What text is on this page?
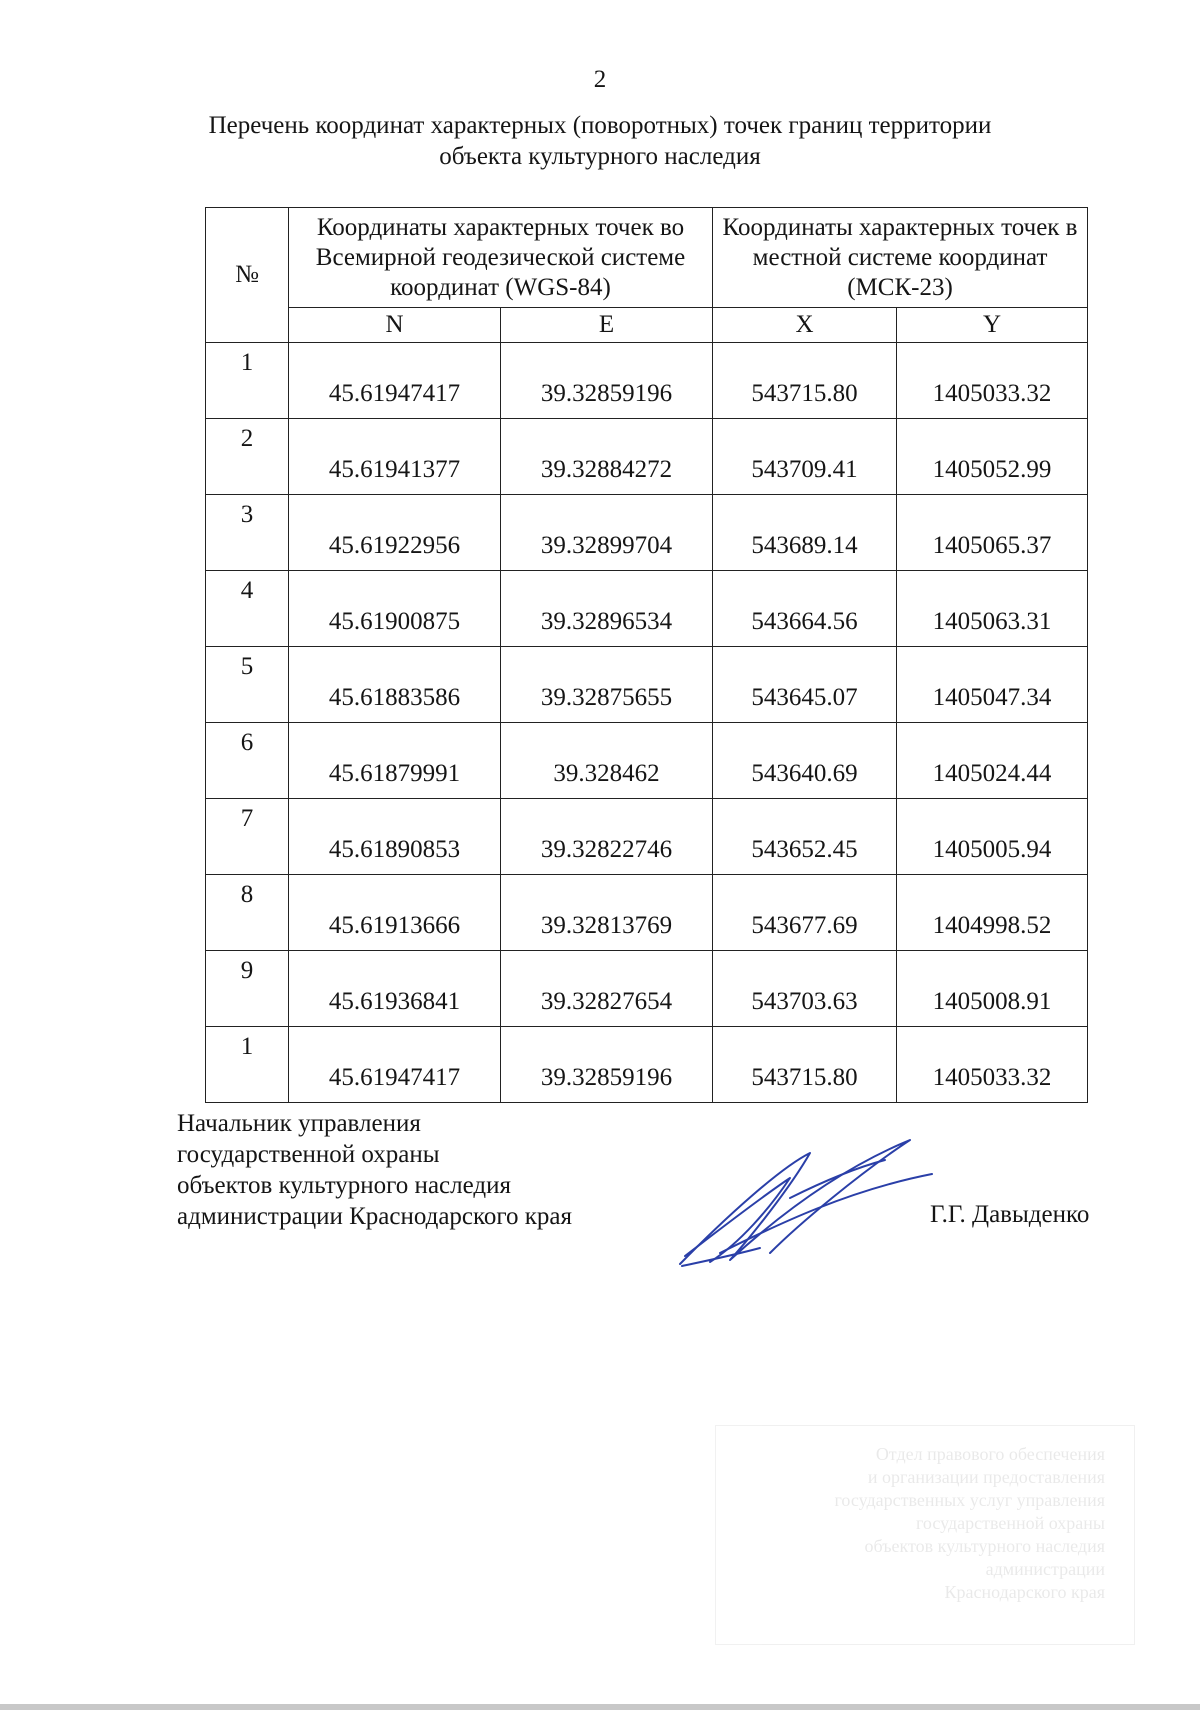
2
Перечень координат характерных (поворотных) точек границ территории
объекта культурного наследия
№	Координаты характерных точек во Всемирной геодезической системе координат (WGS-84)		Координаты характерных точек в местной системе координат (МСК-23)	
	N	E	X	Y
1	45.61947417	39.32859196	543715.80	1405033.32
2	45.61941377	39.32884272	543709.41	1405052.99
3	45.61922956	39.32899704	543689.14	1405065.37
4	45.61900875	39.32896534	543664.56	1405063.31
5	45.61883586	39.32875655	543645.07	1405047.34
6	45.61879991	39.328462	543640.69	1405024.44
7	45.61890853	39.32822746	543652.45	1405005.94
8	45.61913666	39.32813769	543677.69	1404998.52
9	45.61936841	39.32827654	543703.63	1405008.91
1	45.61947417	39.32859196	543715.80	1405033.32
Начальник управления
государственной охраны
объектов культурного наследия
администрации Краснодарского края	Г.Г. Давыденко
Отдел правового обеспечения
и организации предоставления
государственных услуг управления
государственной охраны
объектов культурного наследия
администрации
Краснодарского края
